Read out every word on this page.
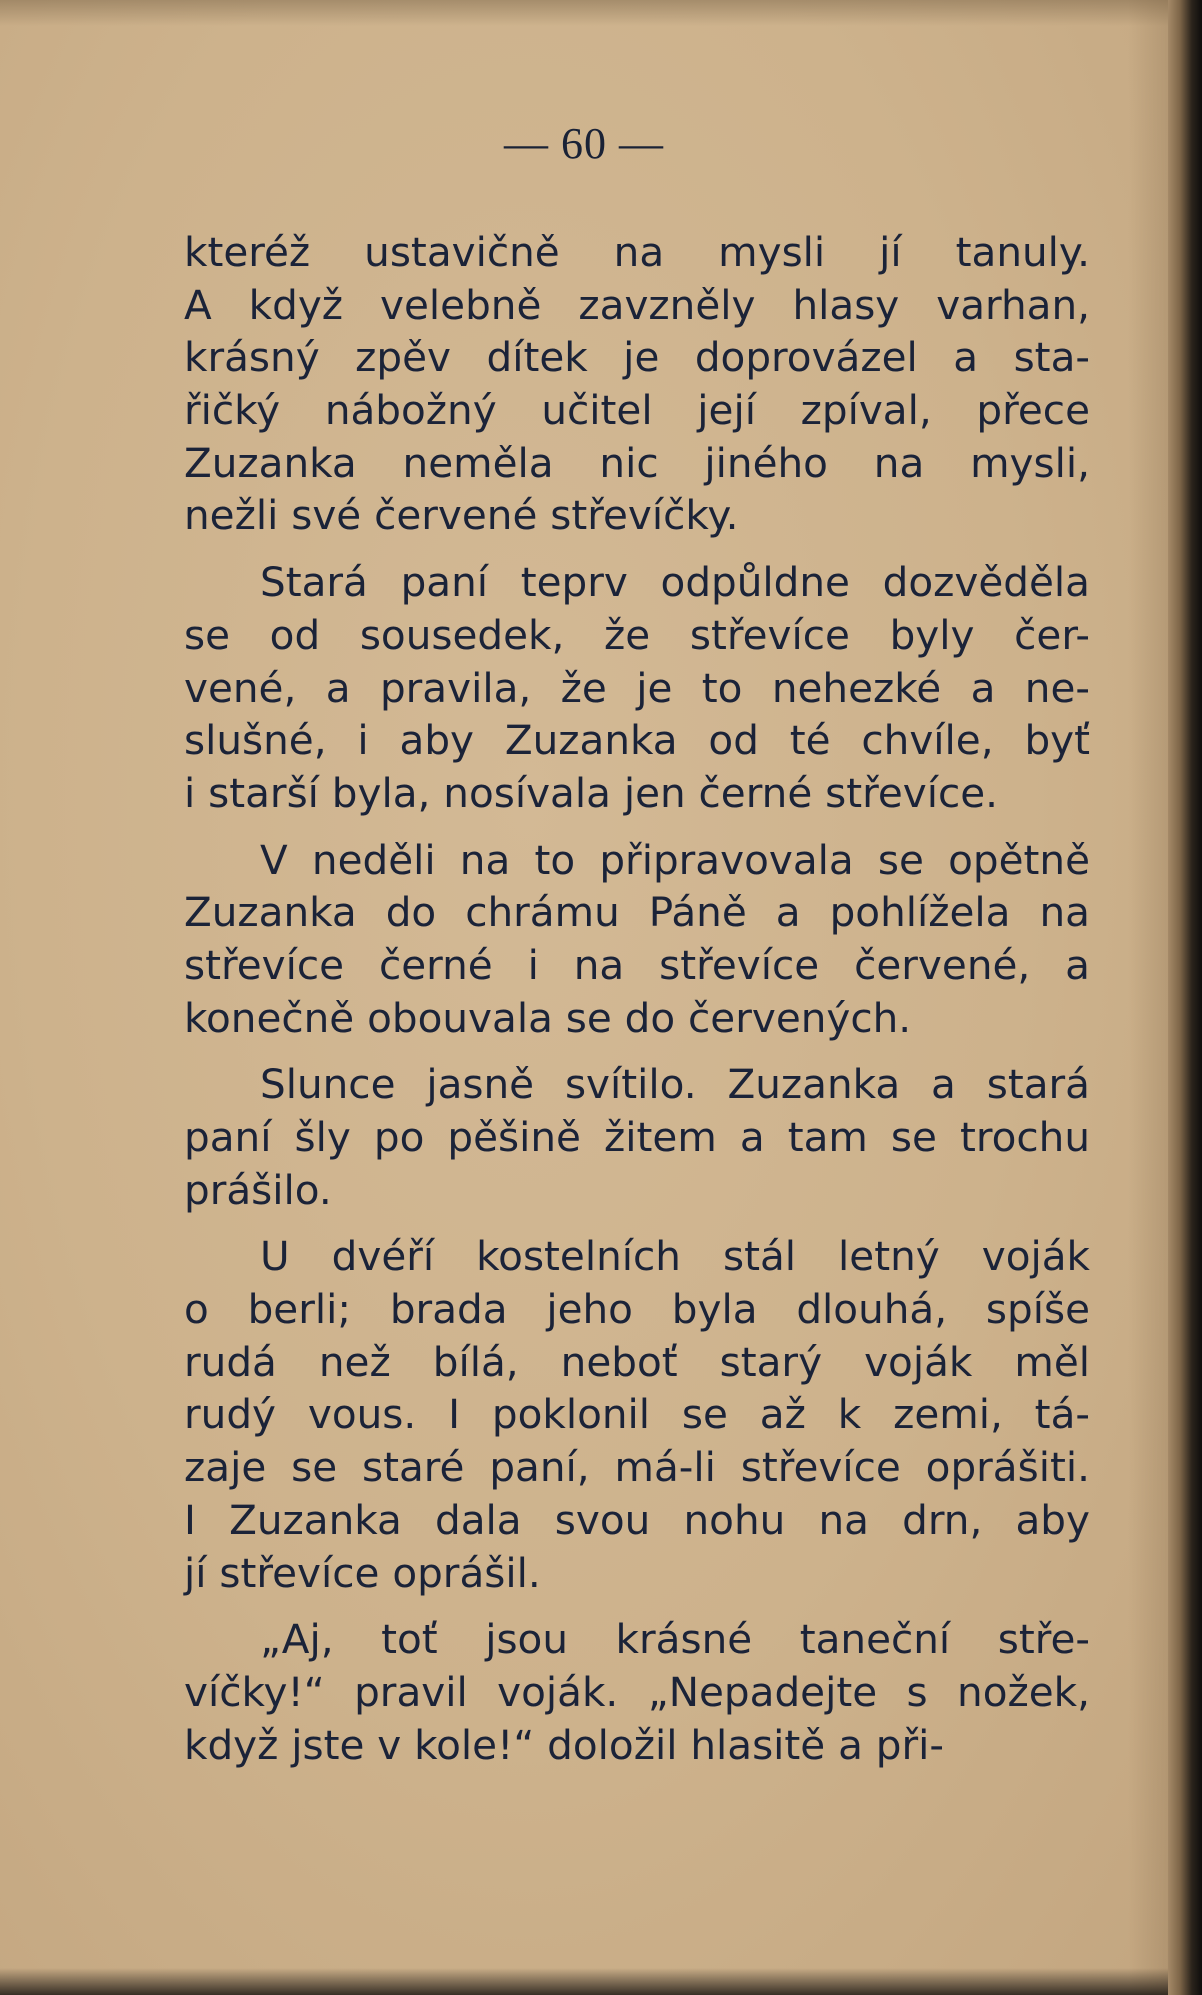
— 60 —
kteréž ustavičně na mysli jí tanuly.
A když velebně zavzněly hlasy varhan,
krásný zpěv dítek je doprovázel a sta-
řičký nábožný učitel její zpíval, přece
Zuzanka neměla nic jiného na mysli,
nežli své červené střevíčky.
Stará paní teprv odpůldne dozvěděla
se od sousedek, že střevíce byly čer-
vené, a pravila, že je to nehezké a ne-
slušné, i aby Zuzanka od té chvíle, byť
i starší byla, nosívala jen černé střevíce.
V neděli na to připravovala se opětně
Zuzanka do chrámu Páně a pohlížela na
střevíce černé i na střevíce červené, a
konečně obouvala se do červených.
Slunce jasně svítilo. Zuzanka a stará
paní šly po pěšině žitem a tam se trochu
prášilo.
U dvéří kostelních stál letný voják
o berli; brada jeho byla dlouhá, spíše
rudá než bílá, neboť starý voják měl
rudý vous. I poklonil se až k zemi, tá-
zaje se staré paní, má-li střevíce oprášiti.
I Zuzanka dala svou nohu na drn, aby
jí střevíce oprášil.
„Aj, toť jsou krásné taneční stře-
víčky!“ pravil voják. „Nepadejte s nožek,
když jste v kole!“ doložil hlasitě a při-
